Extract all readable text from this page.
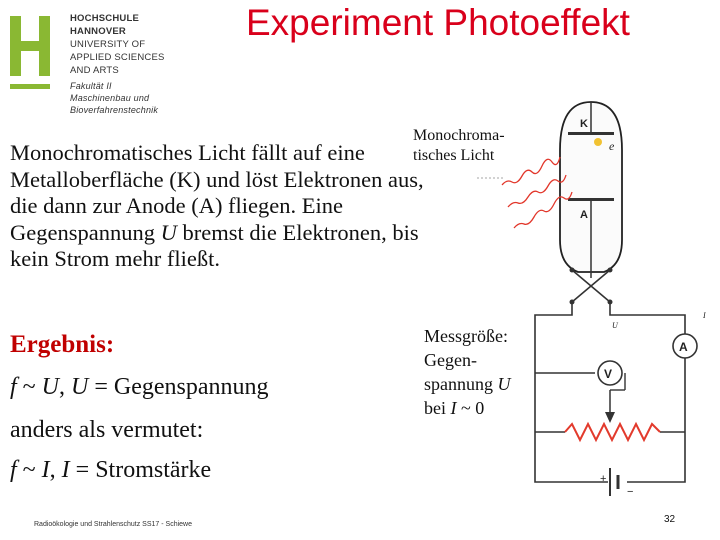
HOCHSCHULE
HANNOVER
UNIVERSITY OF
APPLIED SCIENCES
AND ARTS
Fakultät II
Maschinenbau und
Bioverfahrenstechnik
Experiment Photoeffekt
Monochromatisches Licht fällt auf eine Metalloberfläche (K) und löst Elektronen aus, die dann zur Anode (A) fliegen. Eine Gegenspannung U bremst die Elektronen, bis kein Strom mehr fließt.
Ergebnis:
f ~ U, U = Gegenspannung
anders als vermutet:
f ~ I, I = Stromstärke
Monochroma-
tisches Licht
Messgröße:
Gegen-
spannung U
bei I ~ 0
K
A
e
V
A
+
−
U
I
Radioökologie und Strahlenschutz SS17 - Schiewe	32
